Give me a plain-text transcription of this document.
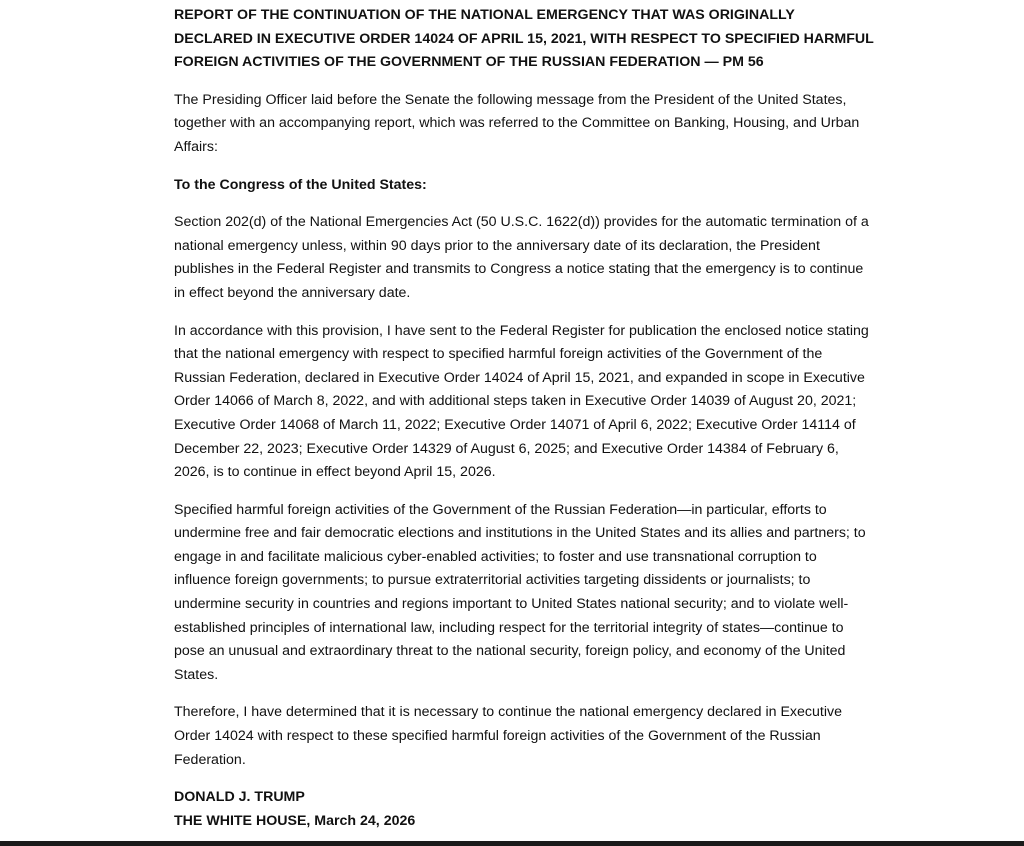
REPORT OF THE CONTINUATION OF THE NATIONAL EMERGENCY THAT WAS ORIGINALLY DECLARED IN EXECUTIVE ORDER 14024 OF APRIL 15, 2021, WITH RESPECT TO SPECIFIED HARMFUL FOREIGN ACTIVITIES OF THE GOVERNMENT OF THE RUSSIAN FEDERATION — PM 56
The Presiding Officer laid before the Senate the following message from the President of the United States, together with an accompanying report, which was referred to the Committee on Banking, Housing, and Urban Affairs:
To the Congress of the United States:
Section 202(d) of the National Emergencies Act (50 U.S.C. 1622(d)) provides for the automatic termination of a national emergency unless, within 90 days prior to the anniversary date of its declaration, the President publishes in the Federal Register and transmits to Congress a notice stating that the emergency is to continue in effect beyond the anniversary date.
In accordance with this provision, I have sent to the Federal Register for publication the enclosed notice stating that the national emergency with respect to specified harmful foreign activities of the Government of the Russian Federation, declared in Executive Order 14024 of April 15, 2021, and expanded in scope in Executive Order 14066 of March 8, 2022, and with additional steps taken in Executive Order 14039 of August 20, 2021; Executive Order 14068 of March 11, 2022; Executive Order 14071 of April 6, 2022; Executive Order 14114 of December 22, 2023; Executive Order 14329 of August 6, 2025; and Executive Order 14384 of February 6, 2026, is to continue in effect beyond April 15, 2026.
Specified harmful foreign activities of the Government of the Russian Federation—in particular, efforts to undermine free and fair democratic elections and institutions in the United States and its allies and partners; to engage in and facilitate malicious cyber-enabled activities; to foster and use transnational corruption to influence foreign governments; to pursue extraterritorial activities targeting dissidents or journalists; to undermine security in countries and regions important to United States national security; and to violate well-established principles of international law, including respect for the territorial integrity of states—continue to pose an unusual and extraordinary threat to the national security, foreign policy, and economy of the United States.
Therefore, I have determined that it is necessary to continue the national emergency declared in Executive Order 14024 with respect to these specified harmful foreign activities of the Government of the Russian Federation.
DONALD J. TRUMP
THE WHITE HOUSE, March 24, 2026
